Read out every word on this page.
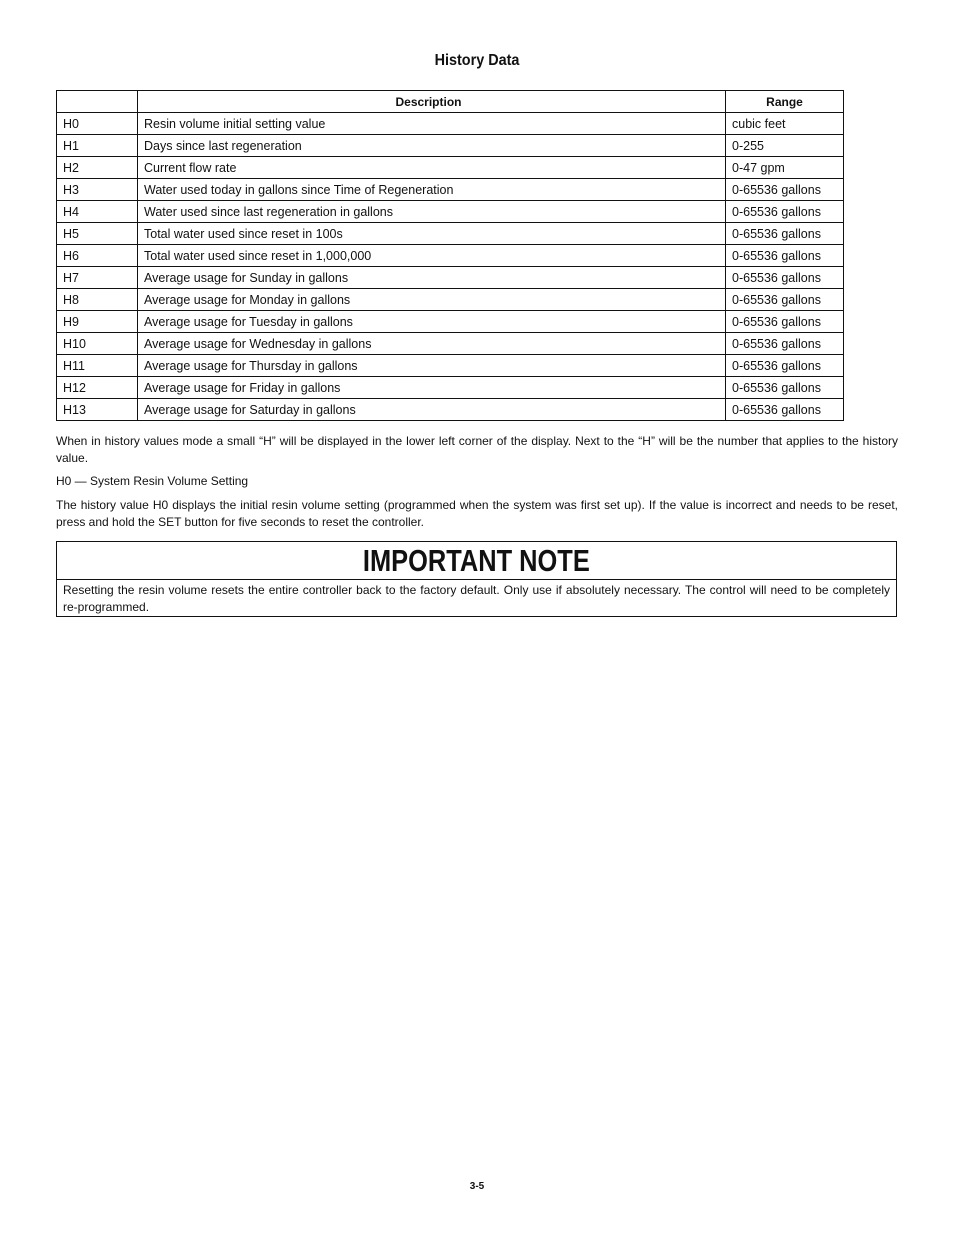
History Data
	Description	Range
H0	Resin volume initial setting value	cubic feet
H1	Days since last regeneration	0-255
H2	Current flow rate	0-47 gpm
H3	Water used today in gallons since Time of Regeneration	0-65536 gallons
H4	Water used since last regeneration in gallons	0-65536 gallons
H5	Total water used since reset in 100s	0-65536 gallons
H6	Total water used since reset in 1,000,000	0-65536 gallons
H7	Average usage for Sunday in gallons	0-65536 gallons
H8	Average usage for Monday in gallons	0-65536 gallons
H9	Average usage for Tuesday in gallons	0-65536 gallons
H10	Average usage for Wednesday in gallons	0-65536 gallons
H11	Average usage for Thursday in gallons	0-65536 gallons
H12	Average usage for Friday in gallons	0-65536 gallons
H13	Average usage for Saturday in gallons	0-65536 gallons
When in history values mode a small “H” will be displayed in the lower left corner of the display. Next to the “H” will be the number that applies to the history value.
H0 — System Resin Volume Setting
The history value H0 displays the initial resin volume setting (programmed when the system was first set up). If the value is incorrect and needs to be reset, press and hold the SET button for five seconds to reset the controller.
IMPORTANT NOTE
Resetting the resin volume resets the entire controller back to the factory default. Only use if absolutely necessary. The control will need to be completely re-programmed.
3-5
